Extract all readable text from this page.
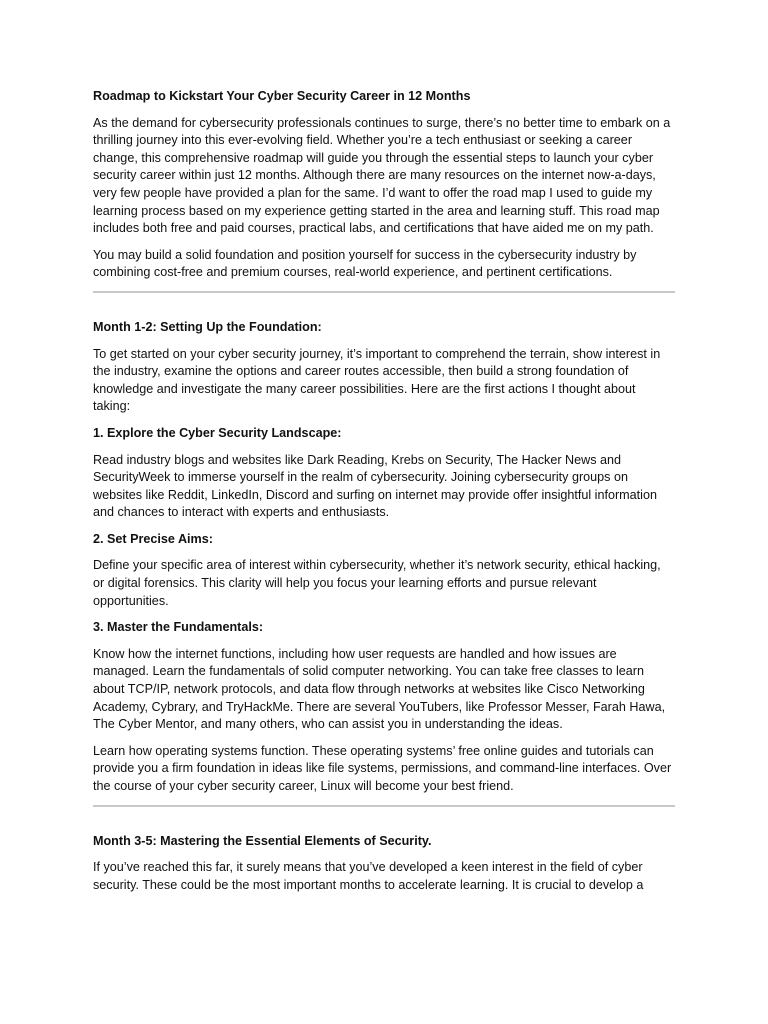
Roadmap to Kickstart Your Cyber Security Career in 12 Months
As the demand for cybersecurity professionals continues to surge, there’s no better time to embark on a thrilling journey into this ever-evolving field. Whether you’re a tech enthusiast or seeking a career change, this comprehensive roadmap will guide you through the essential steps to launch your cyber security career within just 12 months. Although there are many resources on the internet now-a-days, very few people have provided a plan for the same. I’d want to offer the road map I used to guide my learning process based on my experience getting started in the area and learning stuff. This road map includes both free and paid courses, practical labs, and certifications that have aided me on my path.
You may build a solid foundation and position yourself for success in the cybersecurity industry by combining cost-free and premium courses, real-world experience, and pertinent certifications.
Month 1-2: Setting Up the Foundation:
To get started on your cyber security journey, it’s important to comprehend the terrain, show interest in the industry, examine the options and career routes accessible, then build a strong foundation of knowledge and investigate the many career possibilities. Here are the first actions I thought about taking:
1. Explore the Cyber Security Landscape:
Read industry blogs and websites like Dark Reading, Krebs on Security, The Hacker News and SecurityWeek to immerse yourself in the realm of cybersecurity. Joining cybersecurity groups on websites like Reddit, LinkedIn, Discord and surfing on internet may provide offer insightful information and chances to interact with experts and enthusiasts.
2. Set Precise Aims:
Define your specific area of interest within cybersecurity, whether it’s network security, ethical hacking, or digital forensics. This clarity will help you focus your learning efforts and pursue relevant opportunities.
3. Master the Fundamentals:
Know how the internet functions, including how user requests are handled and how issues are managed. Learn the fundamentals of solid computer networking. You can take free classes to learn about TCP/IP, network protocols, and data flow through networks at websites like Cisco Networking Academy, Cybrary, and TryHackMe. There are several YouTubers, like Professor Messer, Farah Hawa, The Cyber Mentor, and many others, who can assist you in understanding the ideas.
Learn how operating systems function. These operating systems’ free online guides and tutorials can provide you a firm foundation in ideas like file systems, permissions, and command-line interfaces. Over the course of your cyber security career, Linux will become your best friend.
Month 3-5: Mastering the Essential Elements of Security.
If you’ve reached this far, it surely means that you’ve developed a keen interest in the field of cyber security. These could be the most important months to accelerate learning. It is crucial to develop a
